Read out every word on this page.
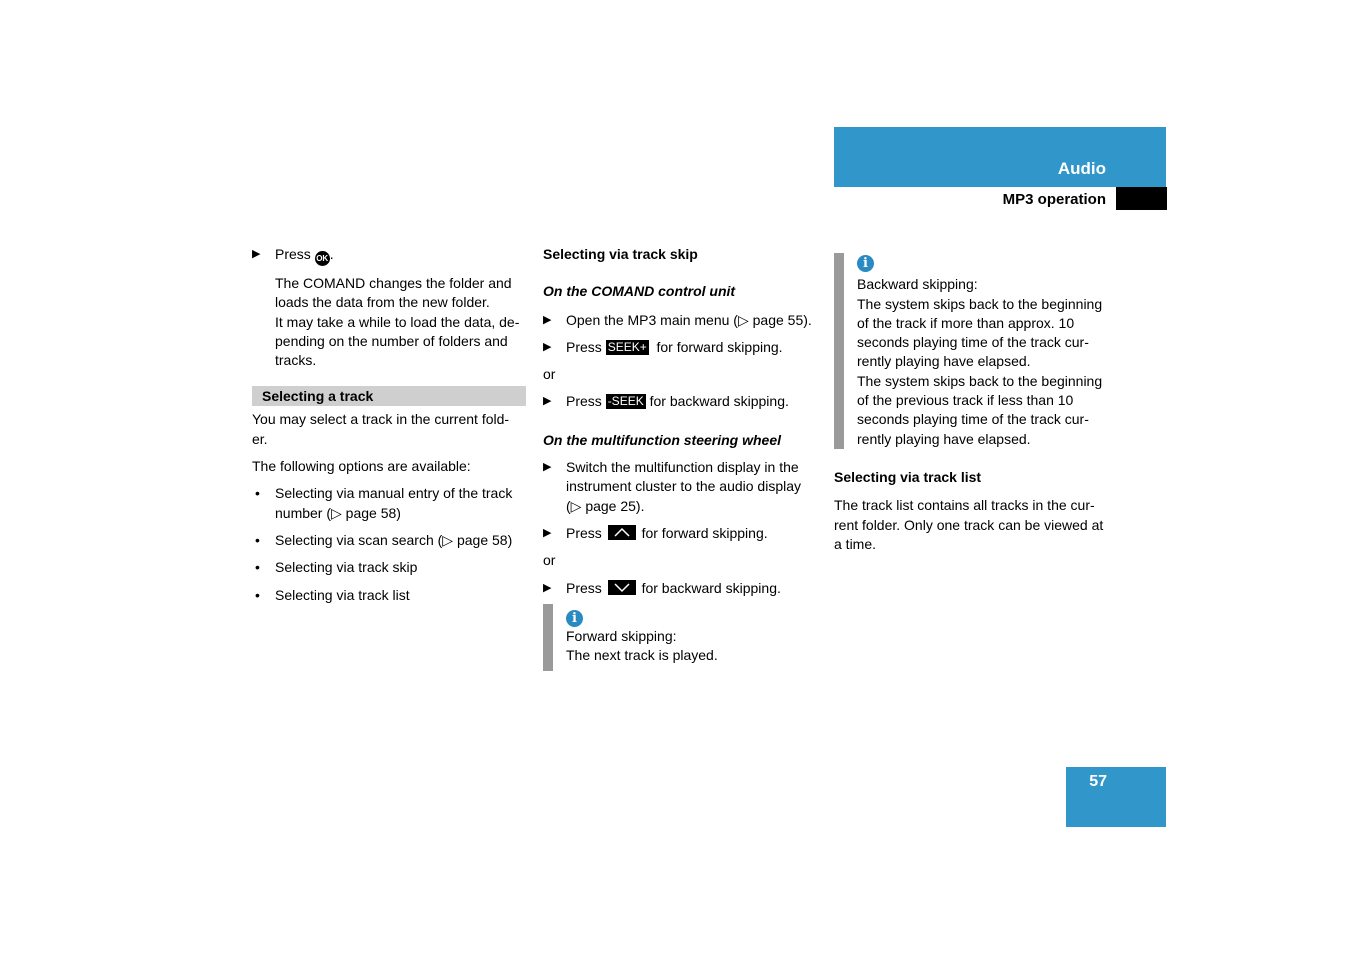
Audio
MP3 operation

▶ Press OK .

The COMAND changes the folder and loads the data from the new folder.

It may take a while to load the data, de- pending on the number of folders and tracks.

Selecting a track

You may select a track in the current fold- er.

The following options are available:

• Selecting via manual entry of the track number (▷ page 58)

• Selecting via scan search (▷ page 58)

• Selecting via track skip

• Selecting via track list

Selecting via track skip

On the COMAND control unit

▶ Open the MP3 main menu (▷ page 55).

▶ Press SEEK+ for forward skipping.

or

▶ Press -SEEK for backward skipping.

On the multifunction steering wheel

▶ Switch the multifunction display in the instrument cluster to the audio display (▷ page 25).

▶ Press	for forward skipping.

or

▶ Press	for backward skipping.

i

Forward skipping:

The next track is played.

i

Backward skipping:

The system skips back to the beginning of the track if more than approx. 10 seconds playing time of the track cur- rently playing have elapsed.

The system skips back to the beginning of the previous track if less than 10 seconds playing time of the track cur- rently playing have elapsed.

Selecting via track list

The track list contains all tracks in the cur- rent folder. Only one track can be viewed at a time.

57
